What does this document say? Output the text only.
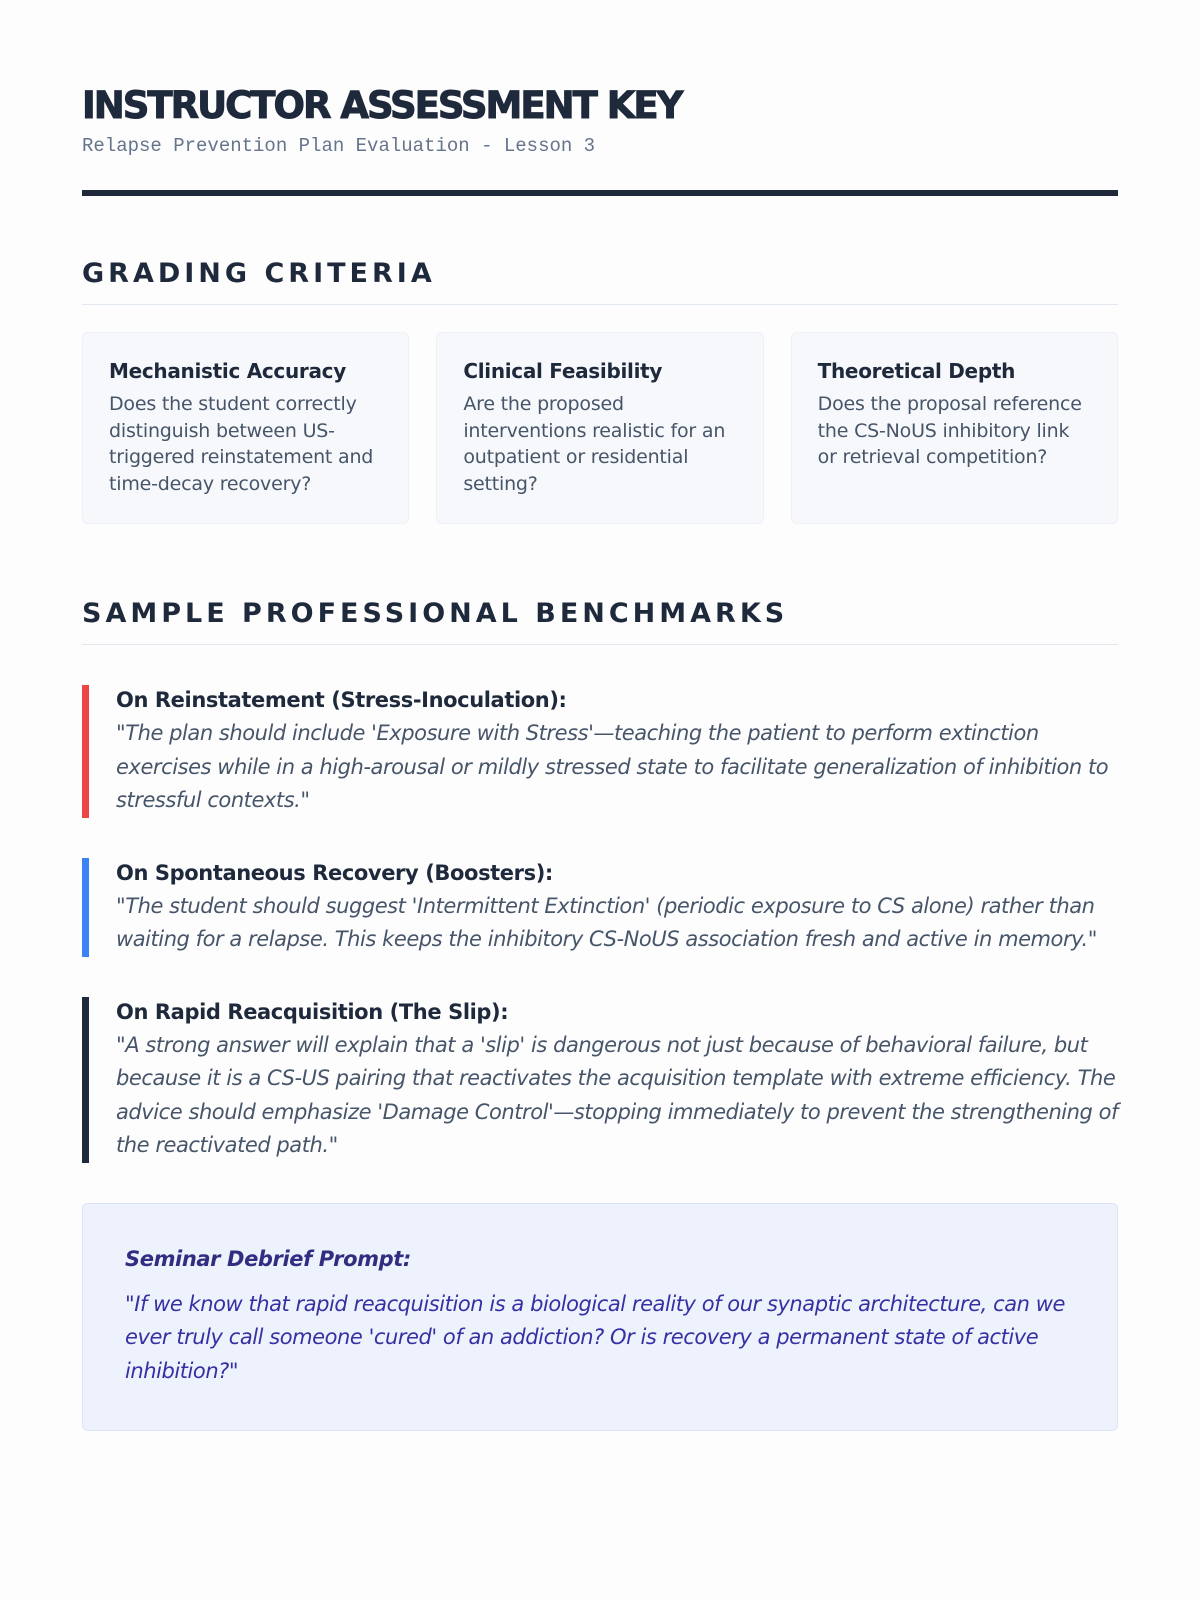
INSTRUCTOR ASSESSMENT KEY
Relapse Prevention Plan Evaluation - Lesson 3
GRADING CRITERIA
Mechanistic Accuracy
Does the student correctly distinguish between US-triggered reinstatement and time-decay recovery?
Clinical Feasibility
Are the proposed interventions realistic for an outpatient or residential setting?
Theoretical Depth
Does the proposal reference the CS-NoUS inhibitory link or retrieval competition?
SAMPLE PROFESSIONAL BENCHMARKS
On Reinstatement (Stress-Inoculation):
"The plan should include 'Exposure with Stress'—teaching the patient to perform extinction exercises while in a high-arousal or mildly stressed state to facilitate generalization of inhibition to stressful contexts."
On Spontaneous Recovery (Boosters):
"The student should suggest 'Intermittent Extinction' (periodic exposure to CS alone) rather than waiting for a relapse. This keeps the inhibitory CS-NoUS association fresh and active in memory."
On Rapid Reacquisition (The Slip):
"A strong answer will explain that a 'slip' is dangerous not just because of behavioral failure, but because it is a CS-US pairing that reactivates the acquisition template with extreme efficiency. The advice should emphasize 'Damage Control'—stopping immediately to prevent the strengthening of the reactivated path."
Seminar Debrief Prompt:
"If we know that rapid reacquisition is a biological reality of our synaptic architecture, can we ever truly call someone 'cured' of an addiction? Or is recovery a permanent state of active inhibition?"
